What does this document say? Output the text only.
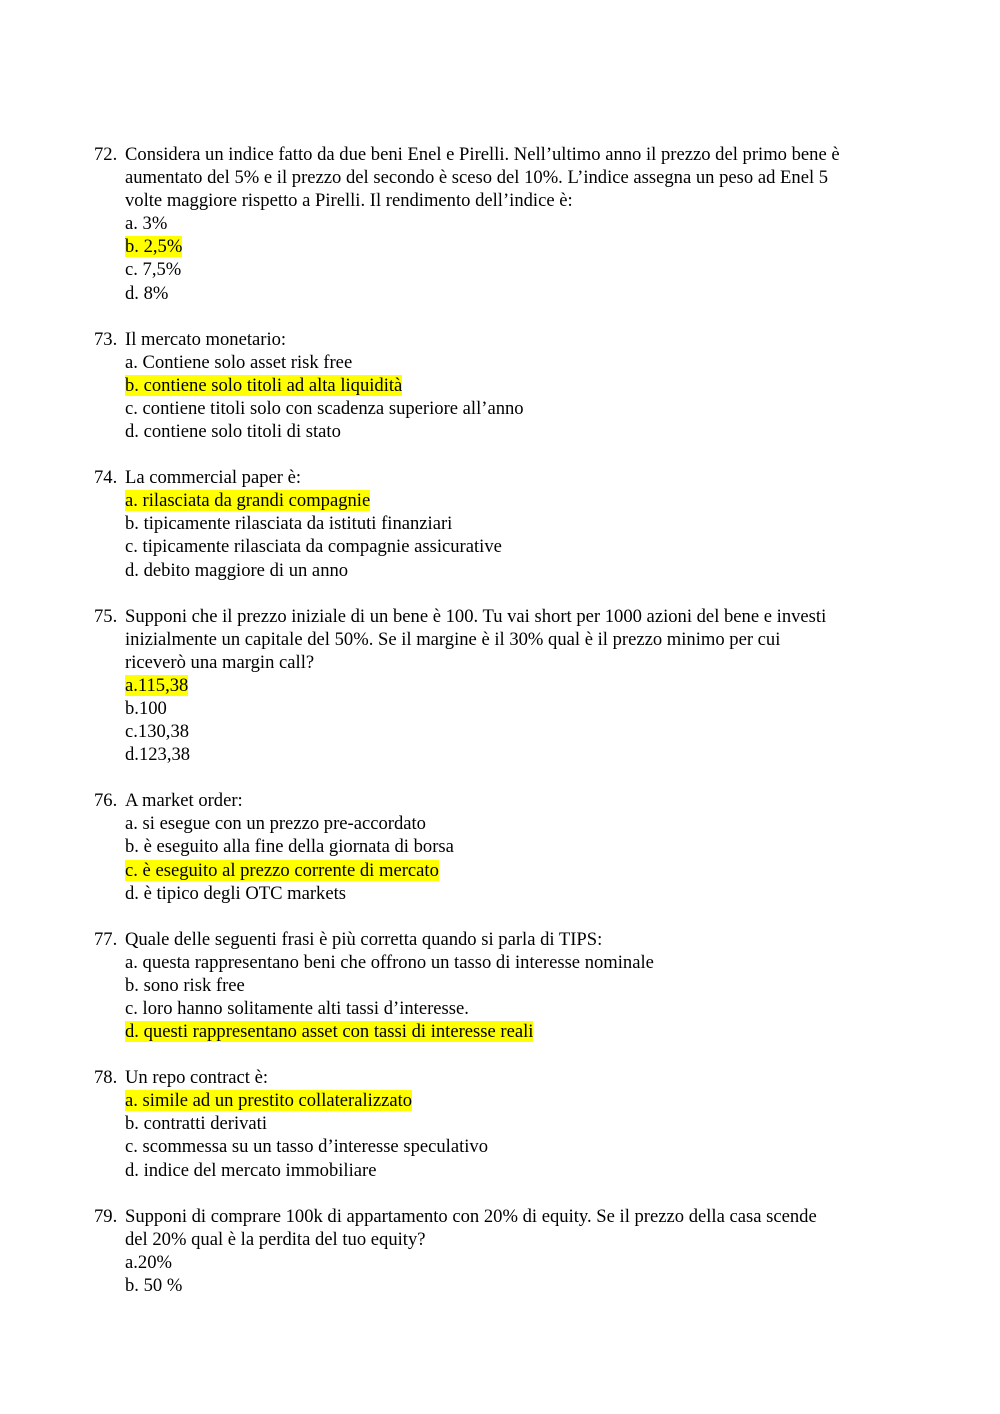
72. Considera un indice fatto da due beni Enel e Pirelli. Nell’ultimo anno il prezzo del primo bene è
aumentato del 5% e il prezzo del secondo è sceso del 10%. L’indice assegna un peso ad Enel 5
volte maggiore rispetto a Pirelli. Il rendimento dell’indice è:
a. 3%
b. 2,5%
c. 7,5%
d. 8%
73. Il mercato monetario:
a. Contiene solo asset risk free
b. contiene solo titoli ad alta liquidità
c. contiene titoli solo con scadenza superiore all’anno
d. contiene solo titoli di stato
74. La commercial paper è:
a. rilasciata da grandi compagnie
b. tipicamente rilasciata da istituti finanziari
c. tipicamente rilasciata da compagnie assicurative
d. debito maggiore di un anno
75. Supponi che il prezzo iniziale di un bene è 100. Tu vai short per 1000 azioni del bene e investi
inizialmente un capitale del 50%. Se il margine è il 30% qual è il prezzo minimo per cui
riceverò una margin call?
a.115,38
b.100
c.130,38
d.123,38
76. A market order:
a. si esegue con un prezzo pre-accordato
b. è eseguito alla fine della giornata di borsa
c. è eseguito al prezzo corrente di mercato
d. è tipico degli OTC markets
77. Quale delle seguenti frasi è più corretta quando si parla di TIPS:
a. questa rappresentano beni che offrono un tasso di interesse nominale
b. sono risk free
c. loro hanno solitamente alti tassi d’interesse.
d. questi rappresentano asset con tassi di interesse reali
78. Un repo contract è:
a. simile ad un prestito collateralizzato
b. contratti derivati
c. scommessa su un tasso d’interesse speculativo
d. indice del mercato immobiliare
79. Supponi di comprare 100k di appartamento con 20% di equity. Se il prezzo della casa scende
del 20% qual è la perdita del tuo equity?
a.20%
b. 50 %
